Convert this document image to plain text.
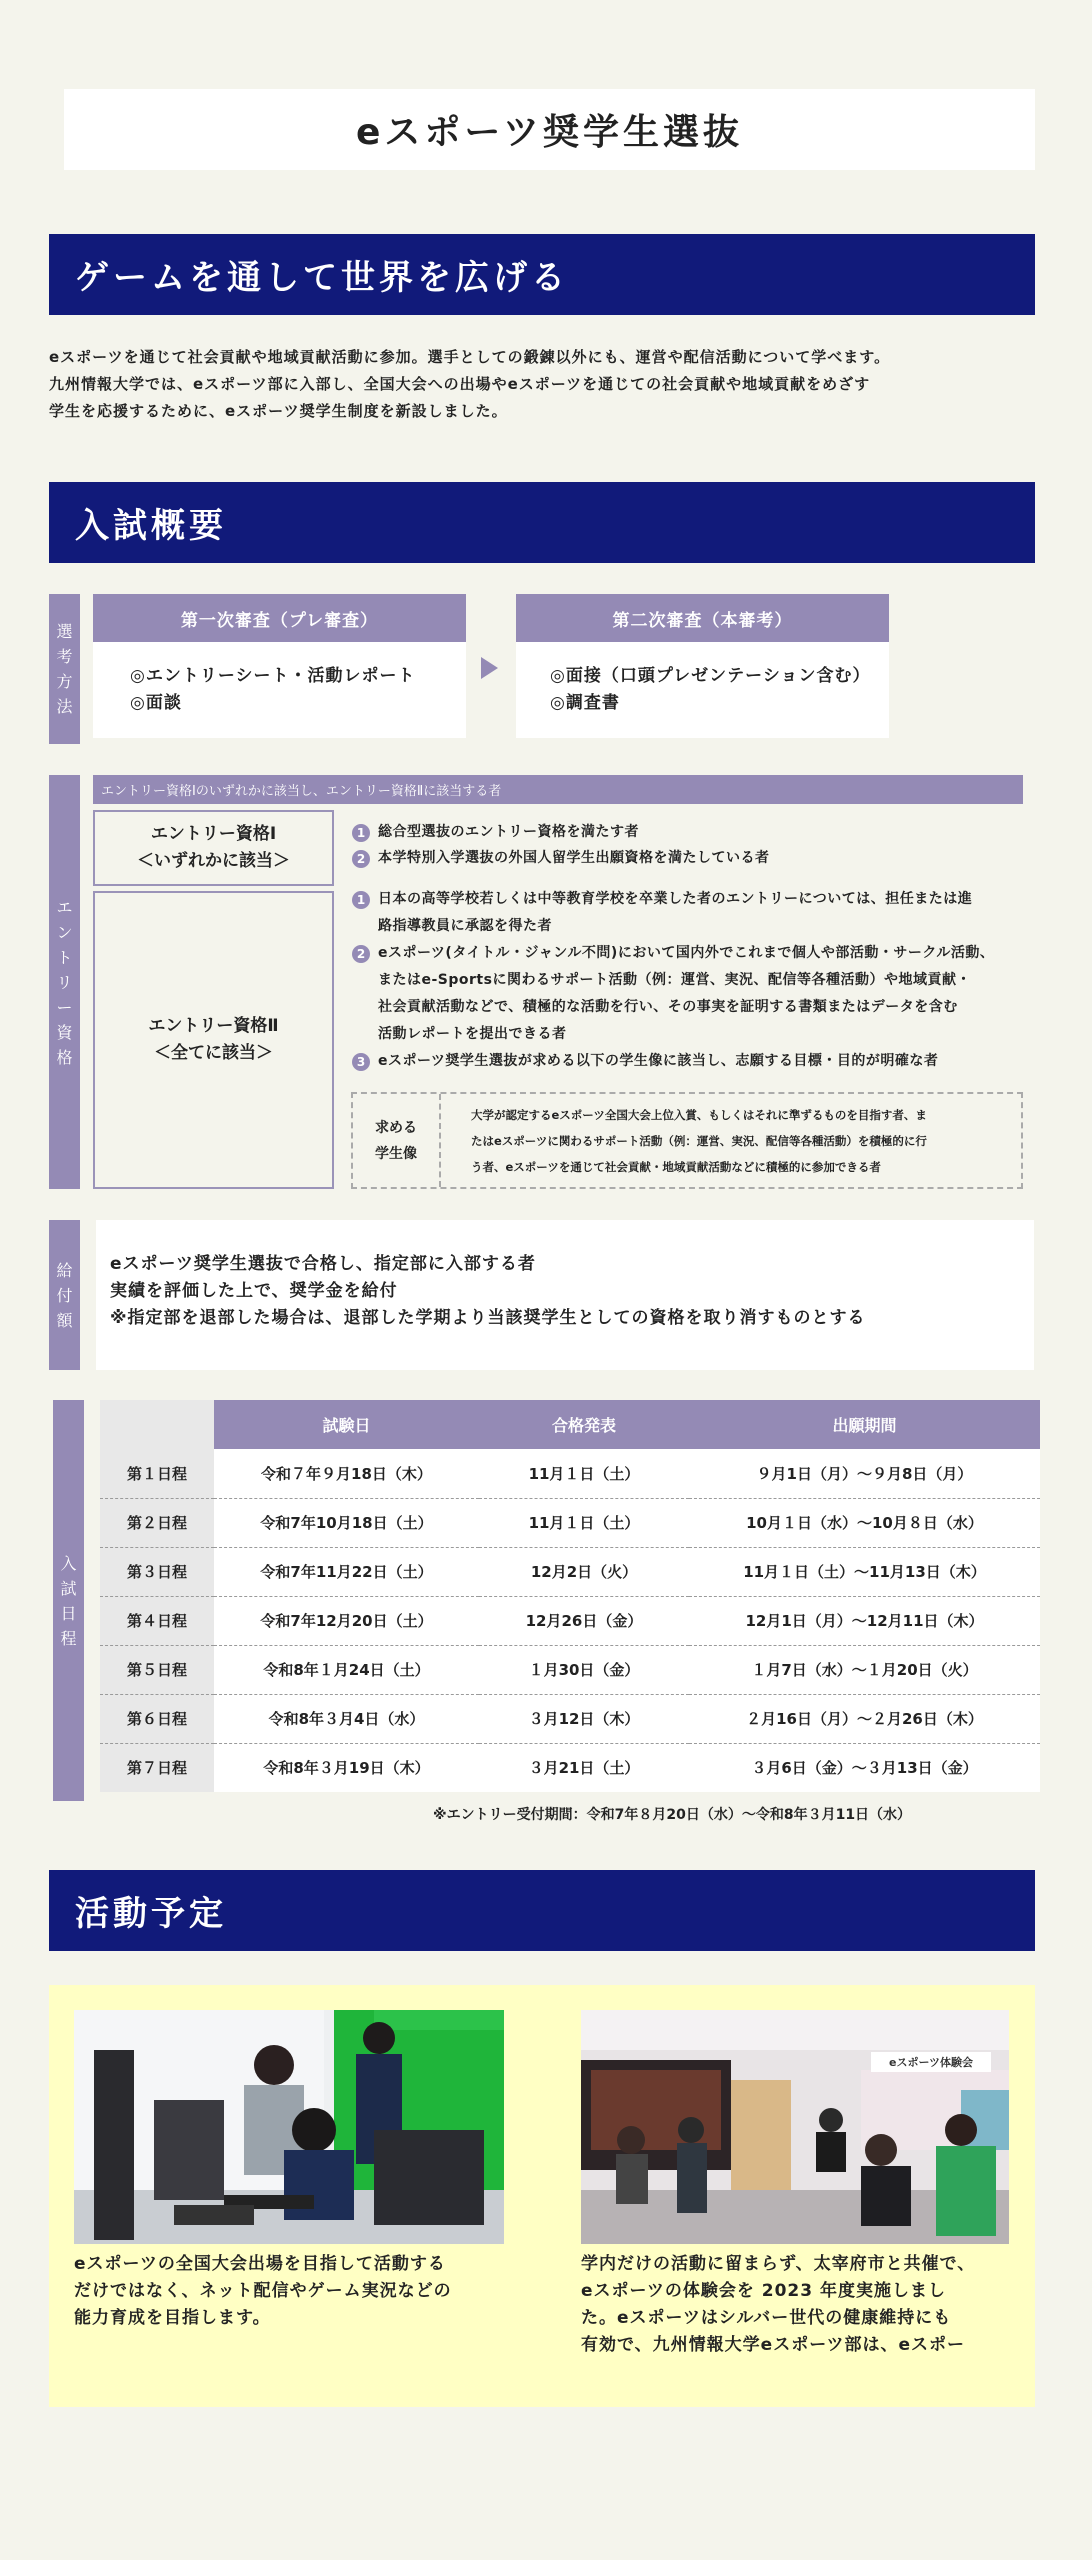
eスポーツ奨学生選抜
ゲームを通して世界を広げる
eスポーツを通じて社会貢献や地域貢献活動に参加。選手としての鍛錬以外にも、運営や配信活動について学べます。
九州情報大学では、eスポーツ部に入部し、全国大会への出場やeスポーツを通じての社会貢献や地域貢献をめざす
学生を応援するために、eスポーツ奨学生制度を新設しました。
入試概要
選
考
方
法
第一次審査（プレ審査）
◎エントリーシート・活動レポート
◎面談
第二次審査（本審考）
◎面接（口頭プレゼンテーション含む）
◎調査書
エ
ン
ト
リ
ー
資
格
エントリー資格Ⅰのいずれかに該当し、エントリー資格Ⅱに該当する者
エントリー資格Ⅰ
＜いずれかに該当＞
エントリー資格Ⅱ
＜全てに該当＞
1 総合型選抜のエントリー資格を満たす者
2 本学特別入学選抜の外国人留学生出願資格を満たしている者
1 日本の高等学校若しくは中等教育学校を卒業した者のエントリーについては、担任または進
路指導教員に承認を得た者
2 eスポーツ(タイトル・ジャンル不問)において国内外でこれまで個人や部活動・サークル活動、
またはe-Sportsに関わるサポート活動（例：運営、実況、配信等各種活動）や地域貢献・
社会貢献活動などで、積極的な活動を行い、その事実を証明する書類またはデータを含む
活動レポートを提出できる者
3 eスポーツ奨学生選抜が求める以下の学生像に該当し、志願する目標・目的が明確な者
求める
学生像
大学が認定するeスポーツ全国大会上位入賞、もしくはそれに準ずるものを目指す者、ま
たはeスポーツに関わるサポート活動（例：運営、実況、配信等各種活動）を積極的に行
う者、eスポーツを通じて社会貢献・地域貢献活動などに積極的に参加できる者
給
付
額
eスポーツ奨学生選抜で合格し、指定部に入部する者
実績を評価した上で、奨学金を給付
※指定部を退部した場合は、退部した学期より当該奨学生としての資格を取り消すものとする
入
試
日
程
	試験日	合格発表	出願期間
第１日程	令和７年９月18日（木）	11月１日（土）	９月1日（月）～９月8日（月）
第２日程	令和7年10月18日（土）	11月１日（土）	10月１日（水）～10月８日（水）
第３日程	令和7年11月22日（土）	12月2日（火）	11月１日（土）～11月13日（木）
第４日程	令和7年12月20日（土）	12月26日（金）	12月1日（月）～12月11日（木）
第５日程	令和8年１月24日（土）	１月30日（金）	１月7日（水）～１月20日（火）
第６日程	令和8年３月4日（水）	３月12日（木）	２月16日（月）～２月26日（木）
第７日程	令和8年３月19日（木）	３月21日（土）	３月6日（金）～３月13日（金）
※エントリー受付期間：令和7年８月20日（水）～令和8年３月11日（水）
活動予定
eスポーツの全国大会出場を目指して活動する
だけではなく、ネット配信やゲーム実況などの
能力育成を目指します。
eスポーツ体験会
学内だけの活動に留まらず、太宰府市と共催で、
eスポーツの体験会を 2023 年度実施しまし
た。eスポーツはシルバー世代の健康維持にも
有効で、九州情報大学eスポーツ部は、eスポー
